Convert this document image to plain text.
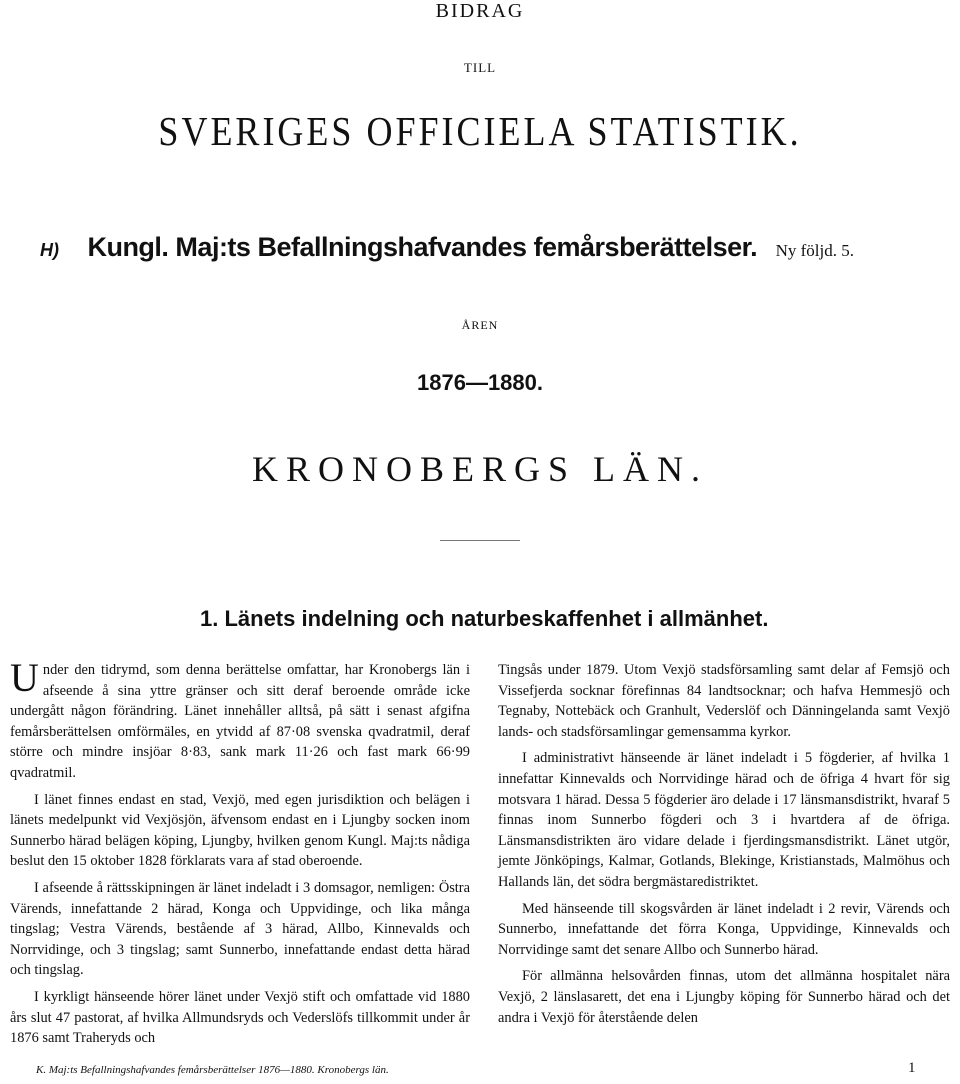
BIDRAG
TILL
SVERIGES OFFICIELA STATISTIK.
H) Kungl. Maj:ts Befallningshafvandes femårsberättelser. Ny följd. 5.
ÅREN
1876—1880.
KRONOBERGS LÄN.
1. Länets indelning och naturbeskaffenhet i allmänhet.

Under den tidrymd, som denna berättelse omfattar, har Kronobergs län i afseende å sina yttre gränser och sitt deraf beroende område icke undergått någon förändring. Länet innehåller alltså, på sätt i senast afgifna femårsberättelsen omförmäles, en ytvidd af 87·08 svenska qvadratmil, deraf större och mindre insjöar 8·83, sank mark 11·26 och fast mark 66·99 qvadratmil.

I länet finnes endast en stad, Vexjö, med egen jurisdiktion och belägen i länets medelpunkt vid Vexjösjön, äfvensom endast en i Ljungby socken inom Sunnerbo härad belägen köping, Ljungby, hvilken genom Kungl. Maj:ts nådiga beslut den 15 oktober 1828 förklarats vara af stad oberoende.

I afseende å rättsskipningen är länet indeladt i 3 domsagor, nemligen: Östra Värends, innefattande 2 härad, Konga och Uppvidinge, och lika många tingslag; Vestra Värends, bestående af 3 härad, Allbo, Kinnevalds och Norrvidinge, och 3 tingslag; samt Sunnerbo, innefattande endast detta härad och tingslag.

I kyrkligt hänseende hörer länet under Vexjö stift och omfattade vid 1880 års slut 47 pastorat, af hvilka Allmundsryds och Vederslöfs tillkommit under år 1876 samt Traheryds och

Tingsås under 1879. Utom Vexjö stadsförsamling samt delar af Femsjö och Vissefjerda socknar förefinnas 84 landtsocknar; och hafva Hemmesjö och Tegnaby, Nottebäck och Granhult, Vederslöf och Dänningelanda samt Vexjö lands- och stadsförsamlingar gemensamma kyrkor.

I administrativt hänseende är länet indeladt i 5 fögderier, af hvilka 1 innefattar Kinnevalds och Norrvidinge härad och de öfriga 4 hvart för sig motsvara 1 härad. Dessa 5 fögderier äro delade i 17 länsmansdistrikt, hvaraf 5 finnas inom Sunnerbo fögderi och 3 i hvartdera af de öfriga. Länsmansdistrikten äro vidare delade i fjerdingsmansdistrikt. Länet utgör, jemte Jönköpings, Kalmar, Gotlands, Blekinge, Kristianstads, Malmöhus och Hallands län, det södra bergmästaredistriktet.

Med hänseende till skogsvården är länet indeladt i 2 revir, Värends och Sunnerbo, innefattande det förra Konga, Uppvidinge, Kinnevalds och Norrvidinge samt det senare Allbo och Sunnerbo härad.

För allmänna helsovården finnas, utom det allmänna hospitalet nära Vexjö, 2 länslasarett, det ena i Ljungby köping för Sunnerbo härad och det andra i Vexjö för återstående delen

K. Maj:ts Befallningshafvandes femårsberättelser 1876—1880. Kronobergs län.	1
